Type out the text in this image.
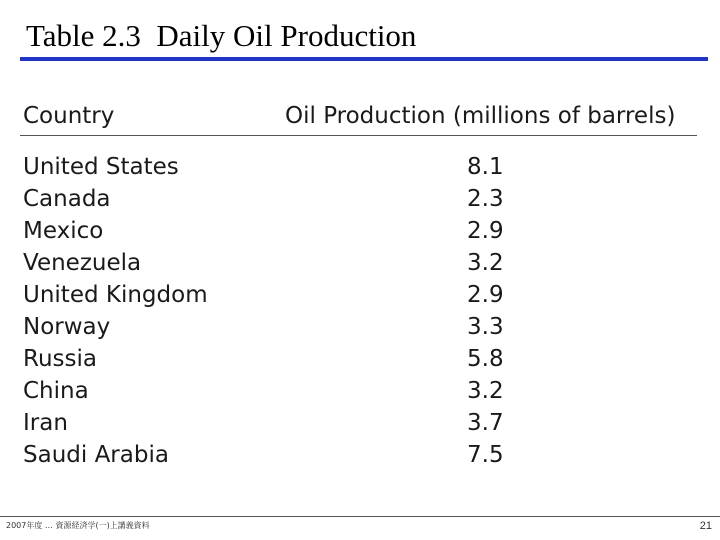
Table 2.3  Daily Oil Production
Country	Oil Production (millions of barrels)
United States	8.1
Canada	2.3
Mexico	2.9
Venezuela	3.2
United Kingdom	2.9
Norway	3.3
Russia	5.8
China	3.2
Iran	3.7
Saudi Arabia	7.5
2007年度 … 資源経済学(一)上講義資料	21
